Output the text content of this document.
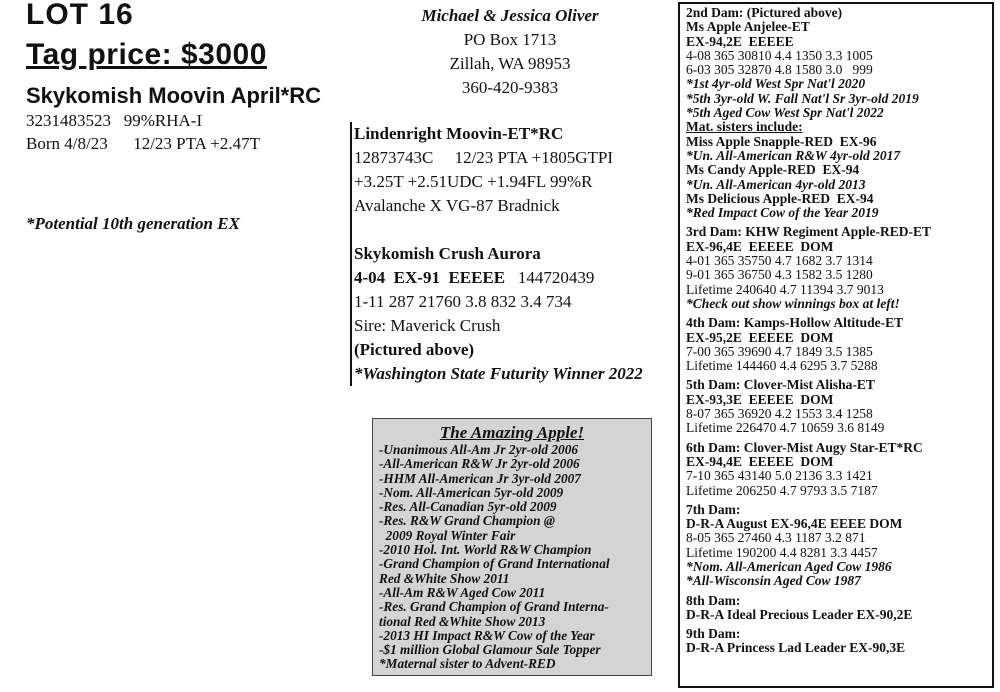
LOT 16
Tag price: $3000
Skykomish Moovin April*RC
3231483523   99%RHA-I
Born 4/8/23      12/23 PTA +2.47T
*Potential 10th generation EX
Michael & Jessica Oliver
PO Box 1713
Zillah, WA 98953
360-420-9383
Lindenright Moovin-ET*RC
12873743C     12/23 PTA +1805GTPI
+3.25T +2.51UDC +1.94FL 99%R
Avalanche X VG-87 Bradnick
Skykomish Crush Aurora
4-04  EX-91  EEEEE 144720439
1-11 287 21760 3.8 832 3.4 734
Sire: Maverick Crush
(Pictured above)
*Washington State Futurity Winner 2022
The Amazing Apple!
-Unanimous All-Am Jr 2yr-old 2006
-All-American R&W Jr 2yr-old 2006
-HHM All-American Jr 3yr-old 2007
-Nom. All-American 5yr-old 2009
-Res. All-Canadian 5yr-old 2009
-Res. R&W Grand Champion @
2009 Royal Winter Fair
-2010 Hol. Int. World R&W Champion
-Grand Champion of Grand International
Red &White Show 2011
-All-Am R&W Aged Cow 2011
-Res. Grand Champion of Grand Interna-
tional Red &White Show 2013
-2013 HI Impact R&W Cow of the Year
-$1 million Global Glamour Sale Topper
*Maternal sister to Advent-RED
2nd Dam: (Pictured above)
Ms Apple Anjelee-ET
EX-94,2E  EEEEE
4-08 365 30810 4.4 1350 3.3 1005
6-03 305 32870 4.8 1580 3.0   999
*1st 4yr-old West Spr Nat'l 2020
*5th 3yr-old W. Fall Nat'l Sr 3yr-old 2019
*5th Aged Cow West Spr Nat'l 2022
Mat. sisters include:
Miss Apple Snapple-RED  EX-96
*Un. All-American R&W 4yr-old 2017
Ms Candy Apple-RED  EX-94
*Un. All-American 4yr-old 2013
Ms Delicious Apple-RED  EX-94
*Red Impact Cow of the Year 2019
3rd Dam: KHW Regiment Apple-RED-ET
EX-96,4E  EEEEE  DOM
4-01 365 35750 4.7 1682 3.7 1314
9-01 365 36750 4.3 1582 3.5 1280
Lifetime 240640 4.7 11394 3.7 9013
*Check out show winnings box at left!
4th Dam: Kamps-Hollow Altitude-ET
EX-95,2E  EEEEE  DOM
7-00 365 39690 4.7 1849 3.5 1385
Lifetime 144460 4.4 6295 3.7 5288
5th Dam: Clover-Mist Alisha-ET
EX-93,3E  EEEEE  DOM
8-07 365 36920 4.2 1553 3.4 1258
Lifetime 226470 4.7 10659 3.6 8149
6th Dam: Clover-Mist Augy Star-ET*RC
EX-94,4E  EEEEE  DOM
7-10 365 43140 5.0 2136 3.3 1421
Lifetime 206250 4.7 9793 3.5 7187
7th Dam:
D-R-A August EX-96,4E EEEE DOM
8-05 365 27460 4.3 1187 3.2 871
Lifetime 190200 4.4 8281 3.3 4457
*Nom. All-American Aged Cow 1986
*All-Wisconsin Aged Cow 1987
8th Dam:
D-R-A Ideal Precious Leader EX-90,2E
9th Dam:
D-R-A Princess Lad Leader EX-90,3E
